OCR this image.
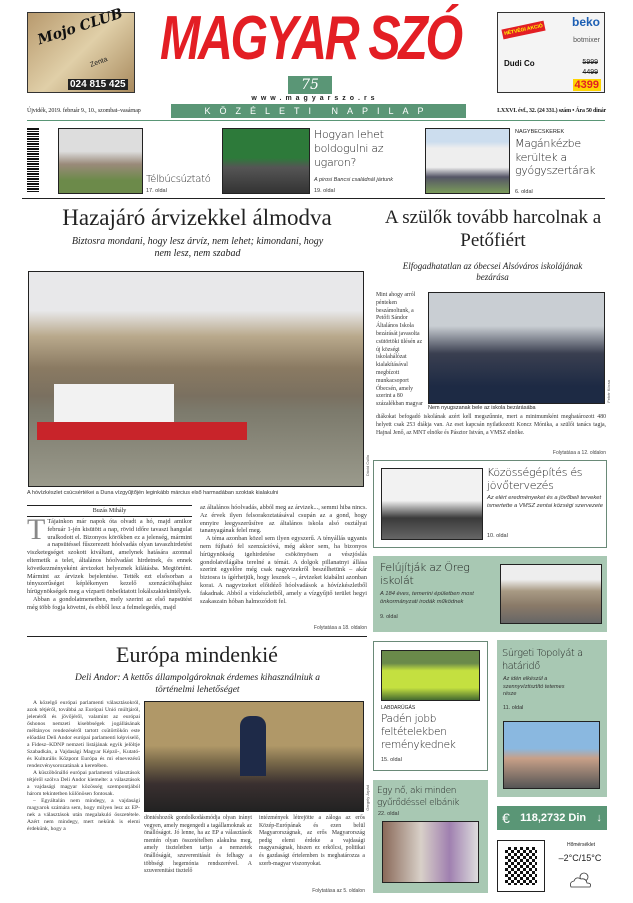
Mojo CLUB
Zenta
024 815 425
MAGYAR SZÓ
75
HÉTVÉGI AKCIÓ
beko
botmixer
Dudi Co	5999
4499
4399
www.magyarszo.rs
Újvidék, 2019. február 9., 10., szombat–vasárnap	KÖZÉLETI NAPILAP	LXXVI. évf., 32. (24 331.) szám • Ára 50 dinár
Télbúcsúztató
17. oldal
Hogyan lehet boldogulni az ugaron?
A pirosi Bancsi családnál jártunk
19. oldal
NAGYBECSKEREK
Magánkézbe kerültek a gyógyszertárak
6. oldal
Hazajáró árvizekkel álmodva
Biztosra mondani, hogy lesz árvíz, nem lehet; kimondani, hogy nem lesz, nem szabad
Dávid Csilla
A hóvízkészlet csúcsértékei a Duna vízgyűjtőjén leginkább március első harmadában szoktak kialakulni
Buzás Mihály
T Tájainkon már napok óta olvadt a hó, majd amikor február 1-jén kisütött a nap, rövid időre tavaszi hangulat uralkodott el. Bizonyos körökben ez a jelenség, mármint a napsütéssel fűszerezett hóolvadás olyan tavaszhirdetést viszketegséget szokott kiváltani, amelynek hatására azonnal eltemetik a telet, általános hóolvadást hirdetnek, és ennek következményeként árvizeket helyeznek kilátásba. Megtörtént. Mármint az árvizek bejelentése. Tették ezt elsősorban a tényszerűséget képlékenyen kezelő szenzációhajhász hírügynökségek meg a vízparti önbeiktatott lokálszaktekintélyek.

Abban a gondolatmenetben, mely szerint az első napsütést még több fogja követni, és ebből lesz a felmelegedés, majd

az általános hóolvadás, abból meg az árvizek..., semmi hiba nincs. Az érvek ilyen felsorakoztatásával csupán az a gond, hogy ennyire leegyszerűsítve az általános iskola alsó osztályai tananyagának felel meg.

A téma azonban közel sem ilyen egyszerű. A tényállás ugyanis nem fújható fel szenzációvá, még akkor sem, ha bizonyos hírügynökség igehirdetése csökönyösen a vészjóslás gondolatvilágába terelné a témát. A dolgok pillanatnyi állása szerint egyelőre még csak nagyvizekről beszélhetünk – akár biztosra is ígérhetjük, hogy lesznek –, árvizeket kiabálni azonban korai. A nagyvizeket előidéző hóolvadások a hóvízkészletből fakadnak. Abból a vízkészletből, amely a vízgyűjtő terület hegyi szakaszain hóban halmozódott fel.

Folytatása a 18. oldalon
A szülők tovább harcolnak a Petőfiért
Elfogadhatatlan az óbecsei Alsóváros iskolájának bezárása
Mint ahogy arról pénteken beszámoltunk, a Petőfi Sándor Általános Iskola bezárását javasolta csütörtöki ülésén az új községi iskolahálózat kialakításával megbízott munkacsoport Óbecsén, amely szerint a 80 százalékban magyar
Fehér Kócsa
Nem nyugszanak bele az iskola bezárásába
diákokat befogadó iskolának azért kell megszűnnie, mert a minimumként meghatározott 480 helyett csak 253 diákja van. Az eset kapcsán nyilatkozott Koncz Mónika, a szülői tanács tagja, Hajnal Jenő, az MNT elnöke és Pásztor István, a VMSZ elnöke.
Folytatása a 12. oldalon
Közösségépítés és jövőtervezés
Az elért eredményeket és a jövőbeli terveket ismertette a VMSZ zentai községi szervezete
10. oldal
Felújítják az Öreg iskolát
A 184 éves, temerini épületben most önkormányzati irodák működnek
9. oldal
LABDARÚGÁS
Padén jobb feltételekben reménykednek
15. oldal
Sürgeti Topolyát a határidő
Az idén elkészül a szennyvíztisztító tetemes része
11. oldal
Egy nő, aki minden gyűrődéssel elbánik
22. oldal	€ 118,2732 Din ↓
Hőmérséklet
–2°C/15°C
Európa mindenkié
Deli Andor: A kettős állampolgároknak érdemes kihasználniuk a történelmi lehetőséget

A közelgő európai parlamenti választásokról, azok tétjéről, továbbá az Európai Unió múltjáról, jelenéről és jövőjéről, valamint az európai őshonos nemzeti kisebbségek jogállásának méltányos rendezéséről tartott csütörtökön este előadást Deli Andor európai parlamenti képviselő, a Fidesz–KDNP nemzeti listájának egyik jelöltje Szabadkán, a Vajdasági Magyar Képző-, Kutató- és Kulturális Központ Európa és mi elnevezésű rendezvénysorozatának a keretében.

A küszöbönálló európai parlamenti választások tétjéről szólva Deli Andor kiemelte: a választások a vajdasági magyar közösség szempontjából három tekintetben különösen fontosak.

– Egyáltalán nem mindegy, a vajdasági magyarok számára sem, hogy milyen lesz az EP-nek a választások után megalakuló összetétele. Azért nem mindegy, mert nekünk is elemi érdekünk, hogy a

Gergely Árpád
döntéshozók gondolkodásmódja olyan irányt vegyen, amely megengedi a tagállamoknak az önállóságot. Jó lenne, ha az EP a választások mentén olyan összetételben alakulna meg, amely tiszteletben tartja a nemzetek önállóságát, szuverenitását és felhagy a többségi hegemónia rendszerével. A szuverenitást tisztelő
intézmények létrejötte a záloga az erős Közép-Európának és ezen belül Magyarországnak, az erős Magyarország pedig elemi érdeke a vajdasági magyarságnak, hiszen ez erkölcsi, politikai és gazdasági értelemben is meghatározza a szerb-magyar viszonyokat.
Folytatása az 5. oldalon
